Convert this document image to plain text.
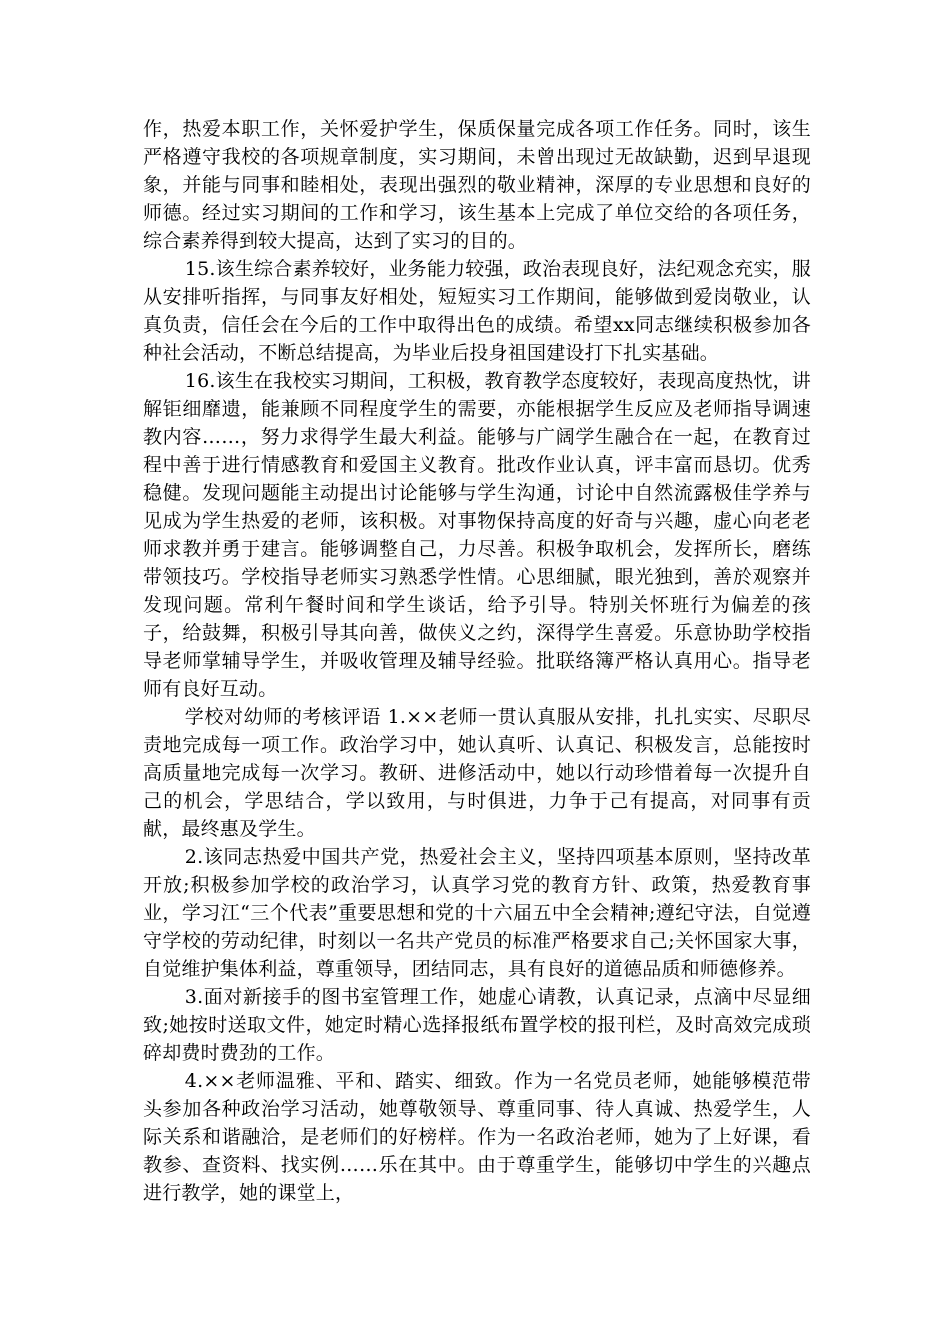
作，热爱本职工作，关怀爱护学生，保质保量完成各项工作任务。同时，该生严格遵守我校的各项规章制度，实习期间，未曾出现过无故缺勤，迟到早退现象，并能与同事和睦相处，表现出强烈的敬业精神，深厚的专业思想和良好的师德。经过实习期间的工作和学习，该生基本上完成了单位交给的各项任务，综合素养得到较大提高，达到了实习的目的。

15.该生综合素养较好，业务能力较强，政治表现良好，法纪观念充实，服从安排听指挥，与同事友好相处，短短实习工作期间，能够做到爱岗敬业，认真负责，信任会在今后的工作中取得出色的成绩。希望xx同志继续积极参加各种社会活动，不断总结提高，为毕业后投身祖国建设打下扎实基础。

16.该生在我校实习期间，工积极，教育教学态度较好，表现高度热忱，讲解钜细靡遗，能兼顾不同程度学生的需要，亦能根据学生反应及老师指导调速教内容……，努力求得学生最大利益。能够与广阔学生融合在一起，在教育过程中善于进行情感教育和爱国主义教育。批改作业认真，评丰富而恳切。优秀稳健。发现问题能主动提出讨论能够与学生沟通，讨论中自然流露极佳学养与见成为学生热爱的老师，该积极。对事物保持高度的好奇与兴趣，虚心向老老师求教并勇于建言。能够调整自己，力尽善。积极争取机会，发挥所长，磨练带领技巧。学校指导老师实习熟悉学性情。心思细腻，眼光独到，善於观察并发现问题。常利午餐时间和学生谈话，给予引导。特别关怀班行为偏差的孩子，给鼓舞，积极引导其向善，做侠义之约，深得学生喜爱。乐意协助学校指导老师掌辅导学生，并吸收管理及辅导经验。批联络簿严格认真用心。指导老师有良好互动。

学校对幼师的考核评语 1.××老师一贯认真服从安排，扎扎实实、尽职尽责地完成每一项工作。政治学习中，她认真听、认真记、积极发言，总能按时高质量地完成每一次学习。教研、进修活动中，她以行动珍惜着每一次提升自己的机会，学思结合，学以致用，与时俱进，力争于己有提高，对同事有贡献，最终惠及学生。

2.该同志热爱中国共产党，热爱社会主义，坚持四项基本原则，坚持改革开放;积极参加学校的政治学习，认真学习党的教育方针、政策，热爱教育事业，学习江“三个代表”重要思想和党的十六届五中全会精神;遵纪守法，自觉遵守学校的劳动纪律，时刻以一名共产党员的标准严格要求自己;关怀国家大事，自觉维护集体利益，尊重领导，团结同志，具有良好的道德品质和师德修养。

3.面对新接手的图书室管理工作，她虚心请教，认真记录，点滴中尽显细致;她按时送取文件，她定时精心选择报纸布置学校的报刊栏，及时高效完成琐碎却费时费劲的工作。

4.××老师温雅、平和、踏实、细致。作为一名党员老师，她能够模范带头参加各种政治学习活动，她尊敬领导、尊重同事、待人真诚、热爱学生，人际关系和谐融洽，是老师们的好榜样。作为一名政治老师，她为了上好课，看教参、查资料、找实例……乐在其中。由于尊重学生，能够切中学生的兴趣点进行教学，她的课堂上，
